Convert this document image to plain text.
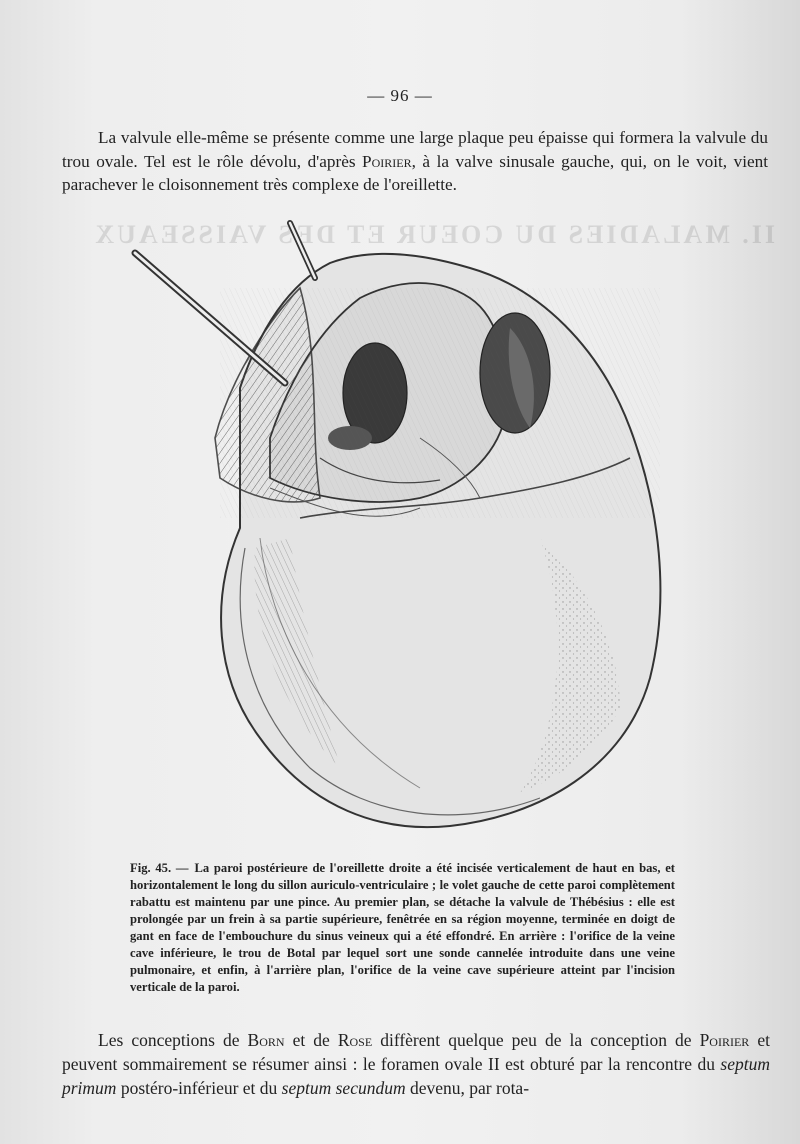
II. MALADIES DU COEUR ET DES VAISSEAUX
— 96 —

La valvule elle-même se présente comme une large plaque peu épaisse qui formera la valvule du trou ovale. Tel est le rôle dévolu, d'après Poirier, à la valve sinusale gauche, qui, on le voit, vient parachever le cloisonnement très complexe de l'oreillette.

Fig. 45. — La paroi postérieure de l'oreillette droite a été incisée verticalement de haut en bas, et horizontalement le long du sillon auriculo-ventriculaire ; le volet gauche de cette paroi complètement rabattu est maintenu par une pince. Au premier plan, se détache la valvule de Thébésius : elle est prolongée par un frein à sa partie supérieure, fenêtrée en sa région moyenne, terminée en doigt de gant en face de l'embouchure du sinus veineux qui a été effondré. En arrière : l'orifice de la veine cave inférieure, le trou de Botal par lequel sort une sonde cannelée introduite dans une veine pulmonaire, et enfin, à l'arrière plan, l'orifice de la veine cave supérieure atteint par l'incision verticale de la paroi.

Les conceptions de Born et de Rose diffèrent quelque peu de la conception de Poirier et peuvent sommairement se résumer ainsi : le foramen ovale II est obturé par la rencontre du septum primum postéro-inférieur et du septum secundum devenu, par rota-
